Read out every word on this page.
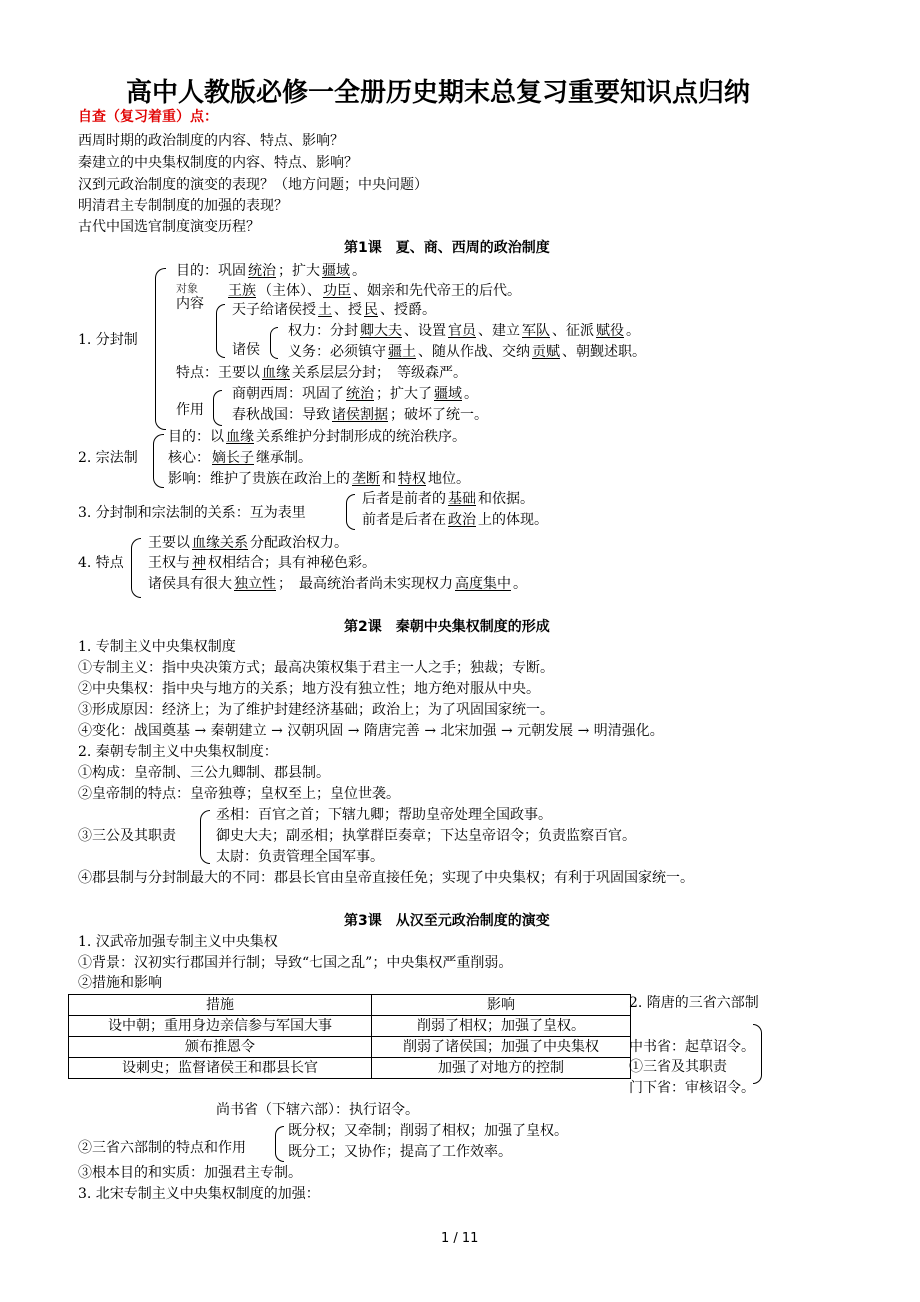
高中人教版必修一全册历史期末总复习重要知识点归纳
自查（复习着重）点：
西周时期的政治制度的内容、特点、影响？
秦建立的中央集权制度的内容、特点、影响？
汉到元政治制度的演变的表现？（地方问题；中央问题）
明清君主专制制度的加强的表现？
古代中国选官制度演变历程？
第1课　夏、商、西周的政治制度
1. 分封制
目的：巩固 统治 ；扩大 疆域 。
对象 王族 （主体）、 功臣 、姻亲和先代帝王的后代。
内容 天子给诸侯授 土 、授 民 、授爵。
诸侯
权力：分封 卿大夫 、设置 官员 、建立 军队 、征派 赋役 。
义务：必须镇守 疆土 、随从作战、交纳 贡赋 、朝觐述职。
特点：王要以 血缘 关系层层分封；　等级森严。
作用
商朝西周：巩固了 统治 ；扩大了 疆域 。
春秋战国：导致 诸侯割据 ；破坏了统一。
2. 宗法制
目的：以 血缘 关系维护分封制形成的统治秩序。
核心： 嫡长子 继承制。
影响：维护了贵族在政治上的 垄断 和 特权 地位。
3. 分封制和宗法制的关系：互为表里
后者是前者的 基础 和依据。
前者是后者在 政治 上的体现。
4. 特点
王要以 血缘关系 分配政治权力。
王权与 神 权相结合；具有神秘色彩。
诸侯具有很大 独立性 ；　最高统治者尚未实现权力 高度集中 。
第2课　秦朝中央集权制度的形成
1. 专制主义中央集权制度
①专制主义：指中央决策方式；最高决策权集于君主一人之手；独裁；专断。
②中央集权：指中央与地方的关系；地方没有独立性；地方绝对服从中央。
③形成原因：经济上；为了维护封建经济基础；政治上；为了巩固国家统一。
④变化：战国奠基 → 秦朝建立 → 汉朝巩固 → 隋唐完善 → 北宋加强 → 元朝发展 → 明清强化。
2. 秦朝专制主义中央集权制度：
①构成：皇帝制、三公九卿制、郡县制。
②皇帝制的特点：皇帝独尊；皇权至上；皇位世袭。
③三公及其职责
丞相：百官之首；下辖九卿；帮助皇帝处理全国政事。
御史大夫；副丞相；执掌群臣奏章；下达皇帝诏令；负责监察百官。
太尉：负责管理全国军事。
④郡县制与分封制最大的不同：郡县长官由皇帝直接任免；实现了中央集权；有利于巩固国家统一。
第3课　从汉至元政治制度的演变
1. 汉武帝加强专制主义中央集权
①背景：汉初实行郡国并行制；导致“七国之乱”；中央集权严重削弱。
②措施和影响
措施	影响
设中朝；重用身边亲信参与军国大事	削弱了相权；加强了皇权。
颁布推恩令	削弱了诸侯国；加强了中央集权
设刺史；监督诸侯王和郡县长官	加强了对地方的控制
2. 隋唐的三省六部制
中书省：起草诏令。
①三省及其职责
门下省：审核诏令。
尚书省（下辖六部）：执行诏令。
②三省六部制的特点和作用
既分权；又牵制；削弱了相权；加强了皇权。
既分工；又协作；提高了工作效率。
③根本目的和实质：加强君主专制。
3. 北宋专制主义中央集权制度的加强：
1 / 11
